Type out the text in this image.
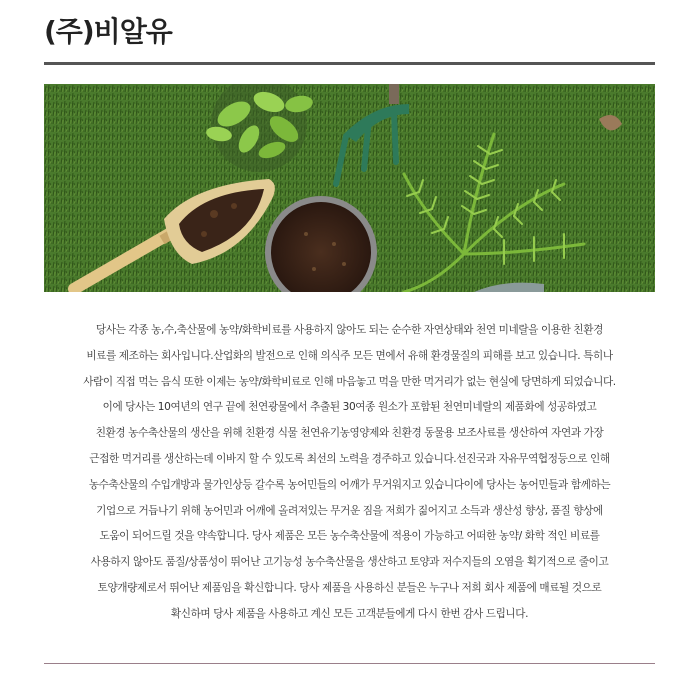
(주)비알유
당사는 각종 농,수,축산물에 농약/화학비료를 사용하지 않아도 되는 순수한 자연상태와 천연 미네랄을 이용한 친환경
비료를 제조하는 회사입니다.산업화의 발전으로 인해 의식주 모든 면에서 유해 환경물질의 피해를 보고 있습니다. 특히나
사람이 직접 먹는 음식 또한 이제는 농약/화학비료로 인해 마음놓고 먹을 만한 먹거리가 없는 현실에 당면하게 되었습니다.
이에 당사는 10여년의 연구 끝에 천연광물에서 추출된 30여종 원소가 포함된 천연미네랄의 제품화에 성공하였고
친환경 농수축산물의 생산을 위해 친환경 식물 천연유기농영양제와 친환경 동물용 보조사료를 생산하여 자연과 가장
근접한 먹거리를 생산하는데 이바지 할 수 있도록 최선의 노력을 경주하고 있습니다.선진국과 자유무역협정등으로 인해
농수축산물의 수입개방과 물가인상등 갈수록 농어민들의 어깨가 무거워지고 있습니다이에 당사는 농어민들과 함께하는
기업으로 거듭나기 위해 농어민과 어깨에 올려져있는 무거운 짐을 저희가 짊어지고 소득과 생산성 향상, 품질 향상에
도움이 되어드릴 것을 약속합니다. 당사 제품은 모든 농수축산물에 적용이 가능하고 어떠한 농약/ 화학 적인 비료를
사용하지 않아도 품질/상품성이 뛰어난 고기능성 농수축산물을 생산하고 토양과 저수지들의 오염을 획기적으로 줄이고
토양개량제로서 뛰어난 제품임을 확신합니다. 당사 제품을 사용하신 분들은 누구나 저희 회사 제품에 매료될 것으로
확신하며 당사 제품을 사용하고 계신 모든 고객분들에게 다시 한번 감사 드립니다.
